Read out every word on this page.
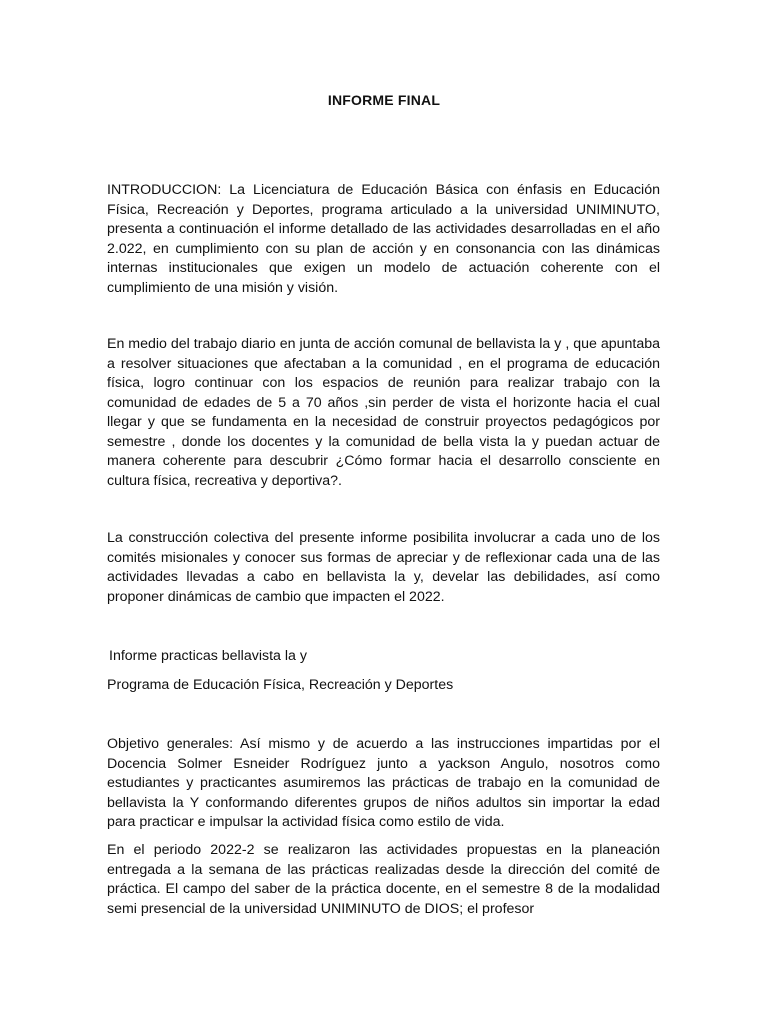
INFORME FINAL

INTRODUCCION: La Licenciatura de Educación Básica con énfasis en Educación Física, Recreación y Deportes, programa articulado a la universidad UNIMINUTO, presenta a continuación el informe detallado de las actividades desarrolladas en el año 2.022, en cumplimiento con su plan de acción y en consonancia con las dinámicas internas institucionales que exigen un modelo de actuación coherente con el cumplimiento de una misión y visión.

En medio del trabajo diario en junta de acción comunal de bellavista la y , que apuntaba a resolver situaciones que afectaban a la comunidad , en el programa de educación física, logro continuar con los espacios de reunión para realizar trabajo con la comunidad de edades de 5 a 70 años ,sin perder de vista el horizonte hacia el cual llegar y que se fundamenta en la necesidad de construir proyectos pedagógicos por semestre , donde los docentes y la comunidad de bella vista la y puedan actuar de manera coherente para descubrir ¿Cómo formar hacia el desarrollo consciente en cultura física, recreativa y deportiva?.

La construcción colectiva del presente informe posibilita involucrar a cada uno de los comités misionales y conocer sus formas de apreciar y de reflexionar cada una de las actividades llevadas a cabo en bellavista la y, develar las debilidades, así como proponer dinámicas de cambio que impacten el 2022.

Informe practicas bellavista la y

Programa de Educación Física, Recreación y Deportes

Objetivo generales: Así mismo y de acuerdo a las instrucciones impartidas por el Docencia Solmer Esneider Rodríguez junto a yackson Angulo, nosotros como estudiantes y practicantes asumiremos las prácticas de trabajo en la comunidad de bellavista la Y conformando diferentes grupos de niños adultos sin importar la edad para practicar e impulsar la actividad física como estilo de vida.

En el periodo 2022-2 se realizaron las actividades propuestas en la planeación entregada a la semana de las prácticas realizadas desde la dirección del comité de práctica. El campo del saber de la práctica docente, en el semestre 8 de la modalidad semi presencial de la universidad UNIMINUTO de DIOS; el profesor
